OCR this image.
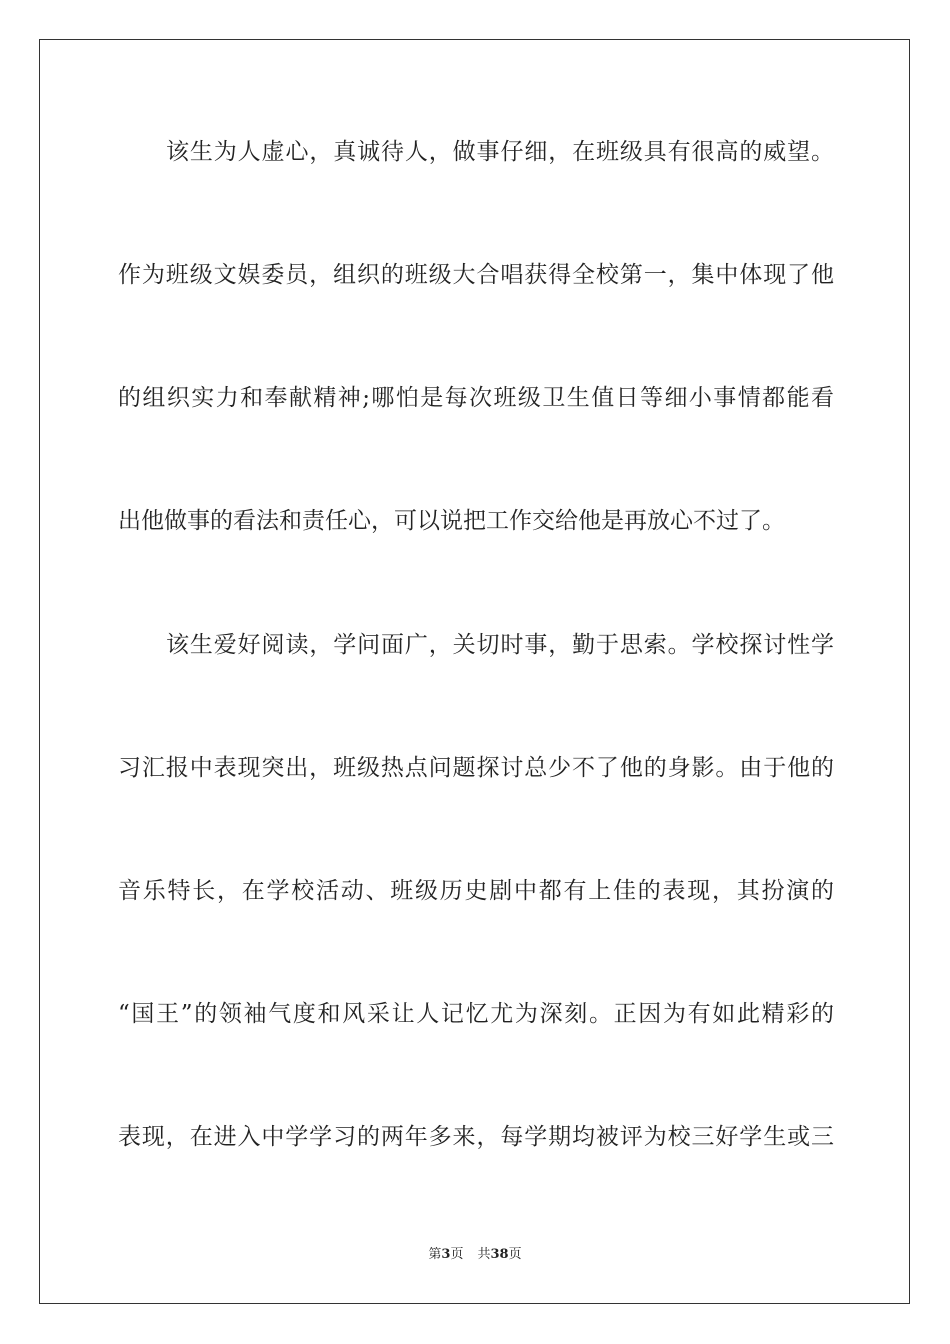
该生为人虚心，真诚待人，做事仔细，在班级具有很高的威望。
作为班级文娱委员，组织的班级大合唱获得全校第一，集中体现了他
的组织实力和奉献精神;哪怕是每次班级卫生值日等细小事情都能看
出他做事的看法和责任心，可以说把工作交给他是再放心不过了。
该生爱好阅读，学问面广，关切时事，勤于思索。学校探讨性学
习汇报中表现突出，班级热点问题探讨总少不了他的身影。由于他的
音乐特长，在学校活动、班级历史剧中都有上佳的表现，其扮演的
“国王”的领袖气度和风采让人记忆尤为深刻。正因为有如此精彩的
表现，在进入中学学习的两年多来，每学期均被评为校三好学生或三
第3页 共38页
